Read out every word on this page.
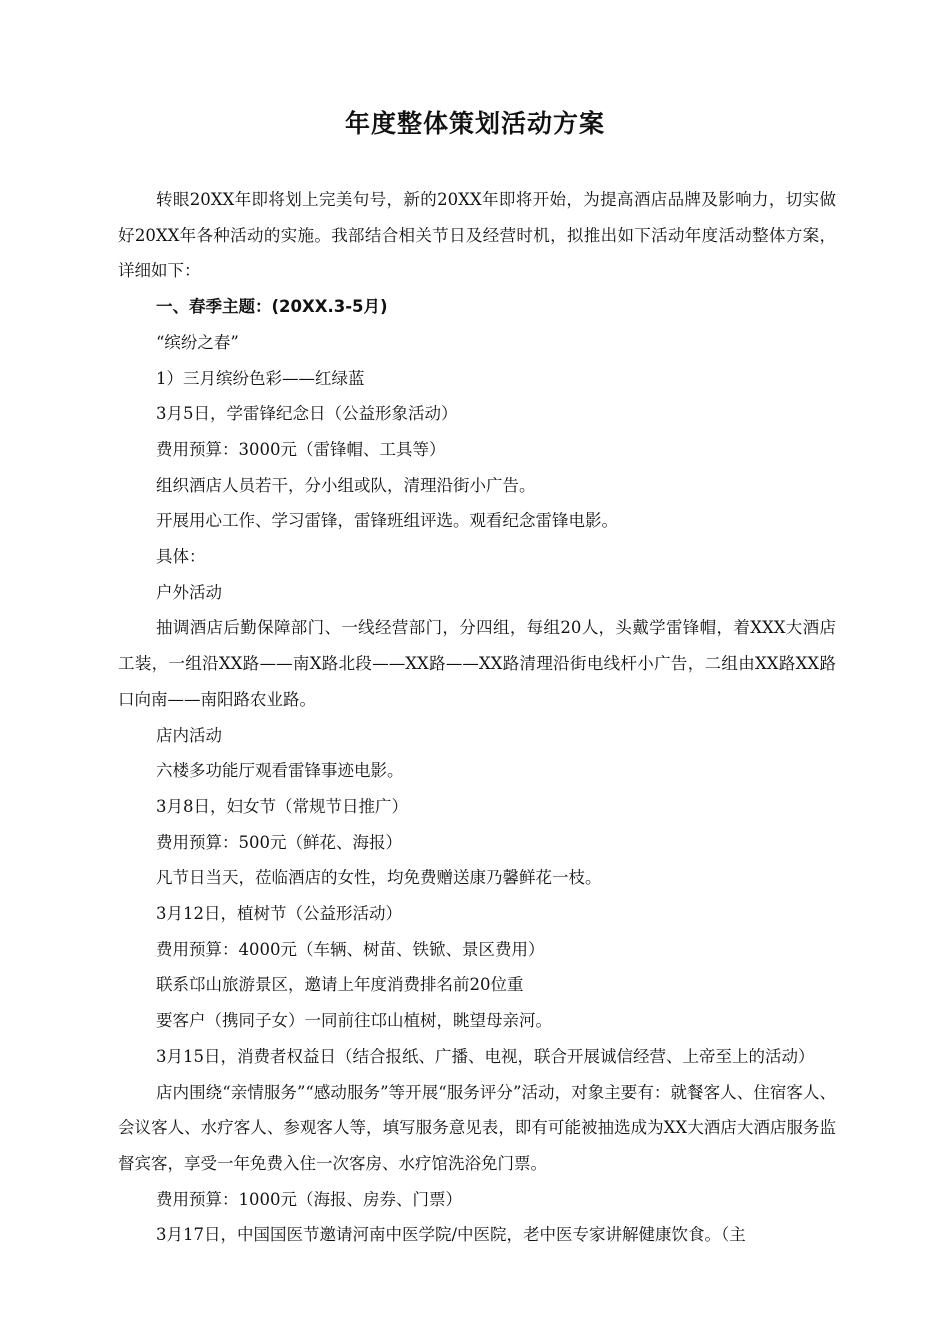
年度整体策划活动方案

转眼20XX年即将划上完美句号，新的20XX年即将开始，为提高酒店品牌及影响力，切实做好20XX年各种活动的实施。我部结合相关节日及经营时机，拟推出如下活动年度活动整体方案，详细如下：

一、春季主题：(20XX.3-5月)

“缤纷之春”

1）三月缤纷色彩——红绿蓝

3月5日，学雷锋纪念日（公益形象活动）

费用预算：3000元（雷锋帽、工具等）

组织酒店人员若干，分小组或队，清理沿街小广告。

开展用心工作、学习雷锋，雷锋班组评选。观看纪念雷锋电影。

具体：

户外活动

抽调酒店后勤保障部门、一线经营部门，分四组，每组20人，头戴学雷锋帽，着XXX大酒店工装，一组沿XX路——南X路北段——XX路——XX路清理沿街电线杆小广告，二组由XX路XX路口向南——南阳路农业路。

店内活动

六楼多功能厅观看雷锋事迹电影。

3月8日，妇女节（常规节日推广）

费用预算：500元（鲜花、海报）

凡节日当天，莅临酒店的女性，均免费赠送康乃馨鲜花一枝。

3月12日，植树节（公益形活动）

费用预算：4000元（车辆、树苗、铁锨、景区费用）

联系邙山旅游景区，邀请上年度消费排名前20位重

要客户（携同子女）一同前往邙山植树，眺望母亲河。

3月15日，消费者权益日（结合报纸、广播、电视，联合开展诚信经营、上帝至上的活动）

店内围绕“亲情服务”“感动服务”等开展“服务评分”活动，对象主要有：就餐客人、住宿客人、会议客人、水疗客人、参观客人等，填写服务意见表，即有可能被抽选成为XX大酒店大酒店服务监督宾客，享受一年免费入住一次客房、水疗馆洗浴免门票。

费用预算：1000元（海报、房券、门票）

3月17日，中国国医节邀请河南中医学院/中医院，老中医专家讲解健康饮食。（主
